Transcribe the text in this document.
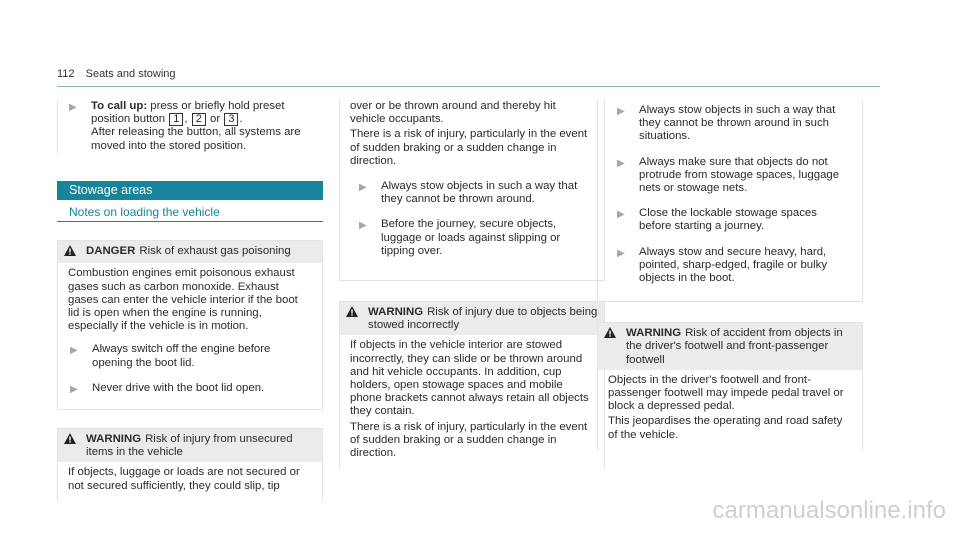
112 Seats and stowing
▶	To call up: press or briefly hold preset position button 1 , 2 or 3 .
After releasing the button, all systems are moved into the stored position.
Stowage areas
Notes on loading the vehicle
DANGER Risk of exhaust gas poisoning

Combustion engines emit poisonous exhaust gases such as carbon monoxide. Exhaust gases can enter the vehicle interior if the boot lid is open when the engine is running, especially if the vehicle is in motion.

▶	Always switch off the engine before opening the boot lid.

▶	Never drive with the boot lid open.

WARNING Risk of injury from unsecured items in the vehicle

If objects, luggage or loads are not secured or not secured sufficiently, they could slip, tip

over or be thrown around and thereby hit vehicle occupants.

There is a risk of injury, particularly in the event of sudden braking or a sudden change in direction.

▶	Always stow objects in such a way that they cannot be thrown around.

▶	Before the journey, secure objects, luggage or loads against slipping or tipping over.

WARNING Risk of injury due to objects being stowed incorrectly

If objects in the vehicle interior are stowed incorrectly, they can slide or be thrown around and hit vehicle occupants. In addition, cup holders, open stowage spaces and mobile phone brackets cannot always retain all objects they contain.

There is a risk of injury, particularly in the event of sudden braking or a sudden change in direction.

▶	Always stow objects in such a way that they cannot be thrown around in such situations.

▶	Always make sure that objects do not protrude from stowage spaces, luggage nets or stowage nets.

▶	Close the lockable stowage spaces before starting a journey.

▶	Always stow and secure heavy, hard, pointed, sharp-edged, fragile or bulky objects in the boot.

WARNING Risk of accident from objects in the driver's footwell and front-passenger footwell

Objects in the driver's footwell and front-passenger footwell may impede pedal travel or block a depressed pedal.

This jeopardises the operating and road safety of the vehicle.

carmanualsonline.info
